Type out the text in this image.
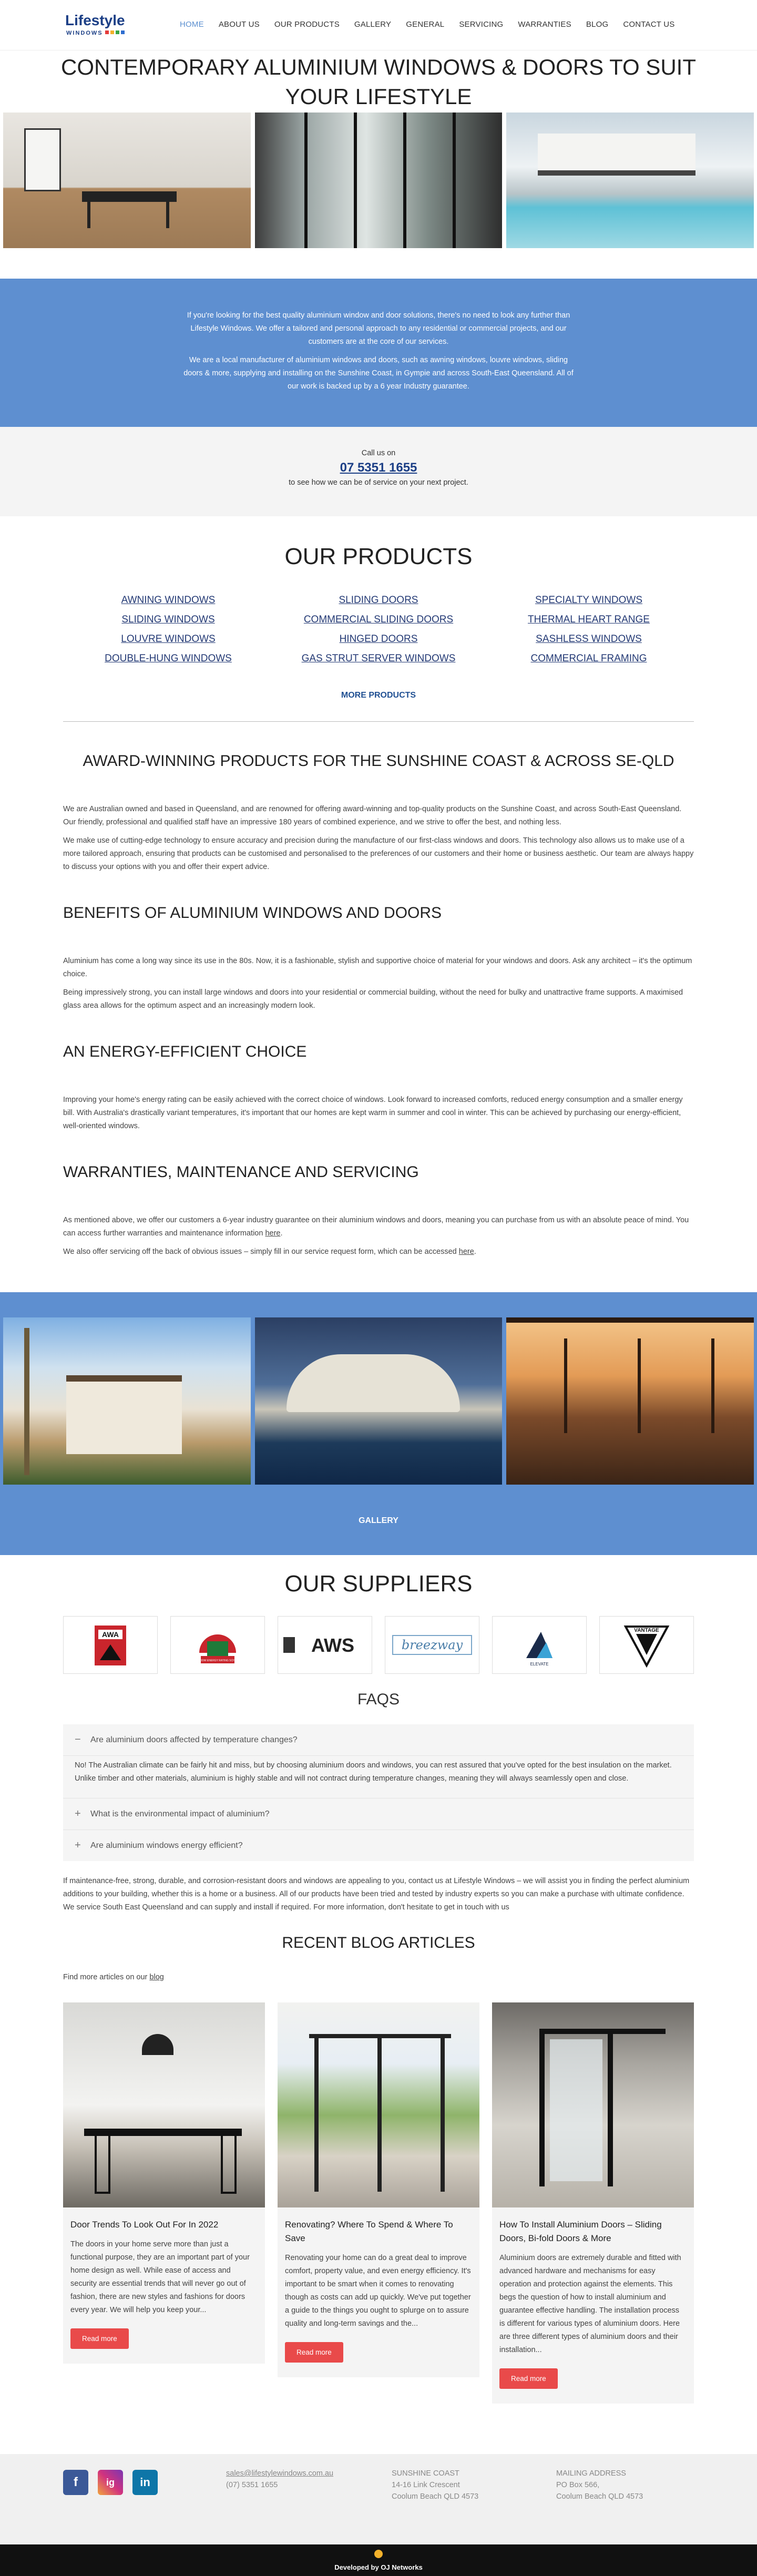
Lifestyle
WINDOWS
HOME	ABOUT US	OUR PRODUCTS	GALLERY	GENERAL	SERVICING	WARRANTIES	BLOG	CONTACT US
CONTEMPORARY ALUMINIUM WINDOWS & DOORS TO SUIT YOUR LIFESTYLE

If you're looking for the best quality aluminium window and door solutions, there's no need to look any further than Lifestyle Windows. We offer a tailored and personal approach to any residential or commercial projects, and our customers are at the core of our services.

We are a local manufacturer of aluminium windows and doors, such as awning windows, louvre windows, sliding doors & more, supplying and installing on the Sunshine Coast, in Gympie and across South-East Queensland. All of our work is backed up by a 6 year Industry guarantee.

Call us on
07 5351 1655
to see how we can be of service on your next project.
OUR PRODUCTS
AWNING WINDOWS	SLIDING DOORS	SPECIALTY WINDOWS
SLIDING WINDOWS	COMMERCIAL SLIDING DOORS	THERMAL HEART RANGE
LOUVRE WINDOWS	HINGED DOORS	SASHLESS WINDOWS
DOUBLE-HUNG WINDOWS	GAS STRUT SERVER WINDOWS	COMMERCIAL FRAMING
MORE PRODUCTS
AWARD-WINNING PRODUCTS FOR THE SUNSHINE COAST & ACROSS SE-QLD

We are Australian owned and based in Queensland, and are renowned for offering award-winning and top-quality products on the Sunshine Coast, and across South-East Queensland. Our friendly, professional and qualified staff have an impressive 180 years of combined experience, and we strive to offer the best, and nothing less.

We make use of cutting-edge technology to ensure accuracy and precision during the manufacture of our first-class windows and doors. This technology also allows us to make use of a more tailored approach, ensuring that products can be customised and personalised to the preferences of our customers and their home or business aesthetic. Our team are always happy to discuss your options with you and offer their expert advice.

BENEFITS OF ALUMINIUM WINDOWS AND DOORS

Aluminium has come a long way since its use in the 80s. Now, it is a fashionable, stylish and supportive choice of material for your windows and doors. Ask any architect – it's the optimum choice.

Being impressively strong, you can install large windows and doors into your residential or commercial building, without the need for bulky and unattractive frame supports. A maximised glass area allows for the optimum aspect and an increasingly modern look.

AN ENERGY-EFFICIENT CHOICE

Improving your home's energy rating can be easily achieved with the correct choice of windows. Look forward to increased comforts, reduced energy consumption and a smaller energy bill. With Australia's drastically variant temperatures, it's important that our homes are kept warm in summer and cool in winter. This can be achieved by purchasing our energy-efficient, well-oriented windows.

WARRANTIES, MAINTENANCE AND SERVICING

As mentioned above, we offer our customers a 6-year industry guarantee on their aluminium windows and doors, meaning you can purchase from us with an absolute peace of mind. You can access further warranties and maintenance information here.

We also offer servicing off the back of obvious issues – simply fill in our service request form, which can be accessed here.

GALLERY
OUR SUPPLIERS
AWA
WINDOW ENERGY RATING SCHEME
AWS	breezway
ELEVATE
VANTAGE
FAQS
− Are aluminium doors affected by temperature changes?
No! The Australian climate can be fairly hit and miss, but by choosing aluminium doors and windows, you can rest assured that you've opted for the best insulation on the market. Unlike timber and other materials, aluminium is highly stable and will not contract during temperature changes, meaning they will always seamlessly open and close.
+ What is the environmental impact of aluminium?
+ Are aluminium windows energy efficient?

If maintenance-free, strong, durable, and corrosion-resistant doors and windows are appealing to you, contact us at Lifestyle Windows – we will assist you in finding the perfect aluminium additions to your building, whether this is a home or a business. All of our products have been tried and tested by industry experts so you can make a purchase with ultimate confidence. We service South East Queensland and can supply and install if required. For more information, don't hesitate to get in touch with us

RECENT BLOG ARTICLES

Find more articles on our blog

Door Trends To Look Out For In 2022

The doors in your home serve more than just a functional purpose, they are an important part of your home design as well. While ease of access and security are essential trends that will never go out of fashion, there are new styles and fashions for doors every year. We will help you keep your...

Read more
Renovating? Where To Spend & Where To Save

Renovating your home can do a great deal to improve comfort, property value, and even energy efficiency. It's important to be smart when it comes to renovating though as costs can add up quickly. We've put together a guide to the things you ought to splurge on to assure quality and long-term savings and the...

Read more
How To Install Aluminium Doors – Sliding Doors, Bi-fold Doors & More

Aluminium doors are extremely durable and fitted with advanced hardware and mechanisms for easy operation and protection against the elements. This begs the question of how to install aluminium and guarantee effective handling. The installation process is different for various types of aluminium doors. Here are three different types of aluminium doors and their installation...

Read more
f	ig	in
sales@lifestylewindows.com.au
(07) 5351 1655
SUNSHINE COAST
14-16 Link Crescent
Coolum Beach QLD 4573
MAILING ADDRESS
PO Box 566,
Coolum Beach QLD 4573
Developed by OJ Networks
